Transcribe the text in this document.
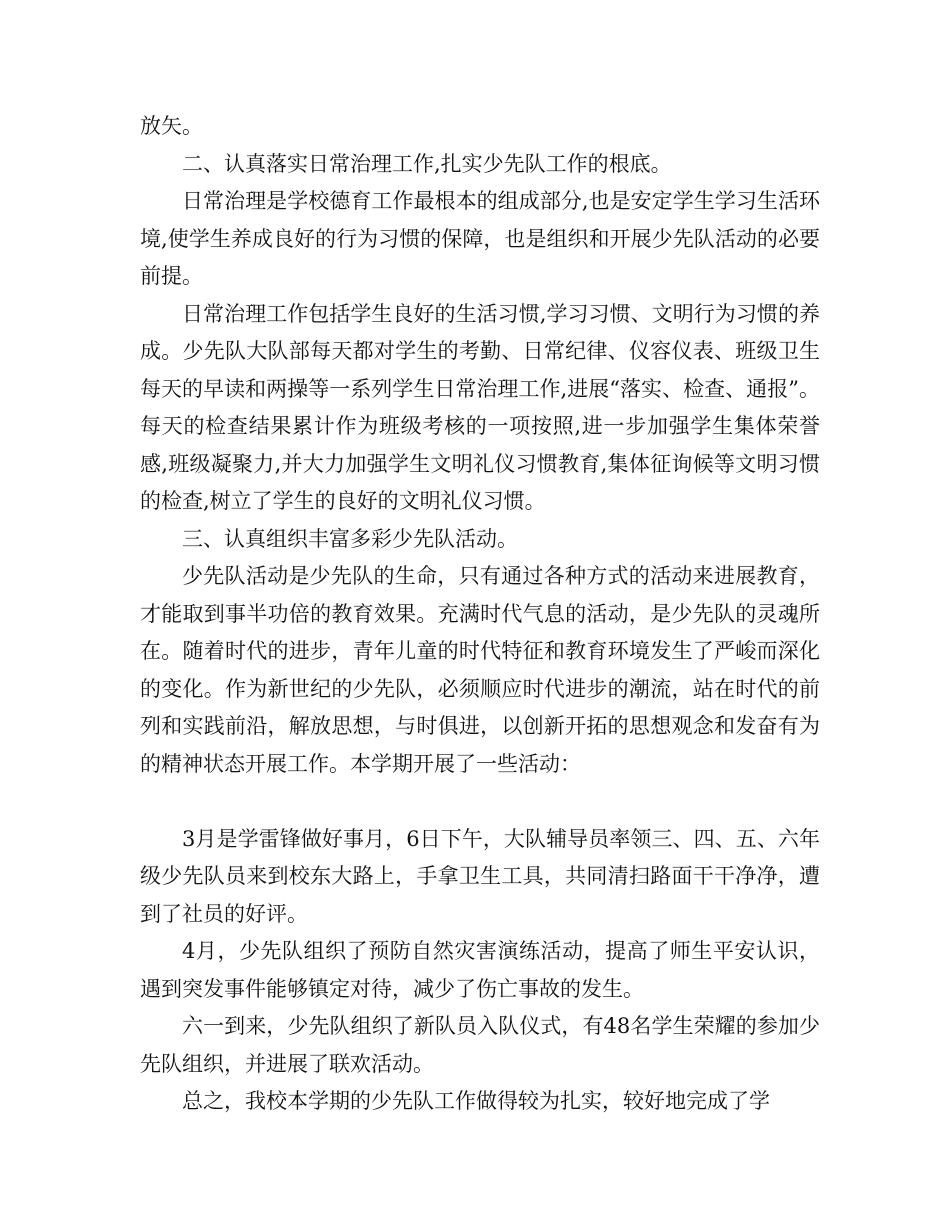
放矢。

二、认真落实日常治理工作,扎实少先队工作的根底。

日常治理是学校德育工作最根本的组成部分,也是安定学生学习生活环境,使学生养成良好的行为习惯的保障，也是组织和开展少先队活动的必要前提。

日常治理工作包括学生良好的生活习惯,学习习惯、文明行为习惯的养成。少先队大队部每天都对学生的考勤、日常纪律、仪容仪表、班级卫生每天的早读和两操等一系列学生日常治理工作,进展“落实、检查、通报”。每天的检查结果累计作为班级考核的一项按照,进一步加强学生集体荣誉感,班级凝聚力,并大力加强学生文明礼仪习惯教育,集体征询候等文明习惯的检查,树立了学生的良好的文明礼仪习惯。

三、认真组织丰富多彩少先队活动。

少先队活动是少先队的生命，只有通过各种方式的活动来进展教育，才能取到事半功倍的教育效果。充满时代气息的活动，是少先队的灵魂所在。随着时代的进步，青年儿童的时代特征和教育环境发生了严峻而深化的变化。作为新世纪的少先队，必须顺应时代进步的潮流，站在时代的前列和实践前沿，解放思想，与时俱进，以创新开拓的思想观念和发奋有为的精神状态开展工作。本学期开展了一些活动：

3月是学雷锋做好事月，6日下午，大队辅导员率领三、四、五、六年级少先队员来到校东大路上，手拿卫生工具，共同清扫路面干干净净，遭到了社员的好评。

4月，少先队组织了预防自然灾害演练活动，提高了师生平安认识，遇到突发事件能够镇定对待，减少了伤亡事故的发生。

六一到来，少先队组织了新队员入队仪式，有48名学生荣耀的参加少先队组织，并进展了联欢活动。

总之，我校本学期的少先队工作做得较为扎实，较好地完成了学
